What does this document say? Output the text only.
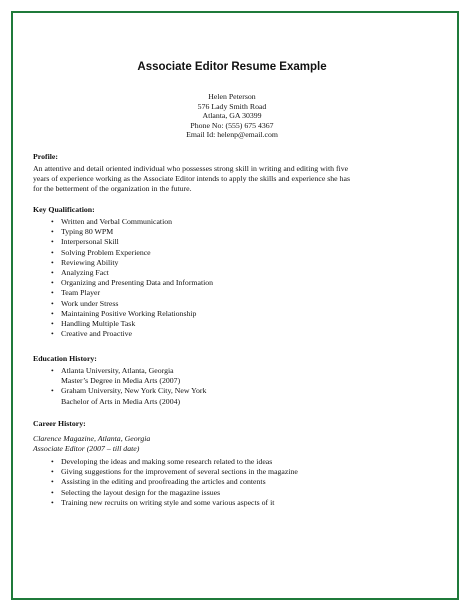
Associate Editor Resume Example
Helen Peterson
576 Lady Smith Road
Atlanta, GA 30399
Phone No: (555) 675 4367
Email Id: helenp@email.com
Profile:
An attentive and detail oriented individual who possesses strong skill in writing and editing with five
years of experience working as the Associate Editor intends to apply the skills and experience she has
for the betterment of the organization in the future.
Key Qualification:
• Written and Verbal Communication
• Typing 80 WPM
• Interpersonal Skill
• Solving Problem Experience
• Reviewing Ability
• Analyzing Fact
• Organizing and Presenting Data and Information
• Team Player
• Work under Stress
• Maintaining Positive Working Relationship
• Handling Multiple Task
• Creative and Proactive
Education History:
• Atlanta University, Atlanta, Georgia
Master’s Degree in Media Arts (2007)
• Graham University, New York City, New York
Bachelor of Arts in Media Arts (2004)
Career History:
Clarence Magazine, Atlanta, Georgia
Associate Editor (2007 – till date)
• Developing the ideas and making some research related to the ideas
• Giving suggestions for the improvement of several sections in the magazine
• Assisting in the editing and proofreading the articles and contents
• Selecting the layout design for the magazine issues
• Training new recruits on writing style and some various aspects of it
